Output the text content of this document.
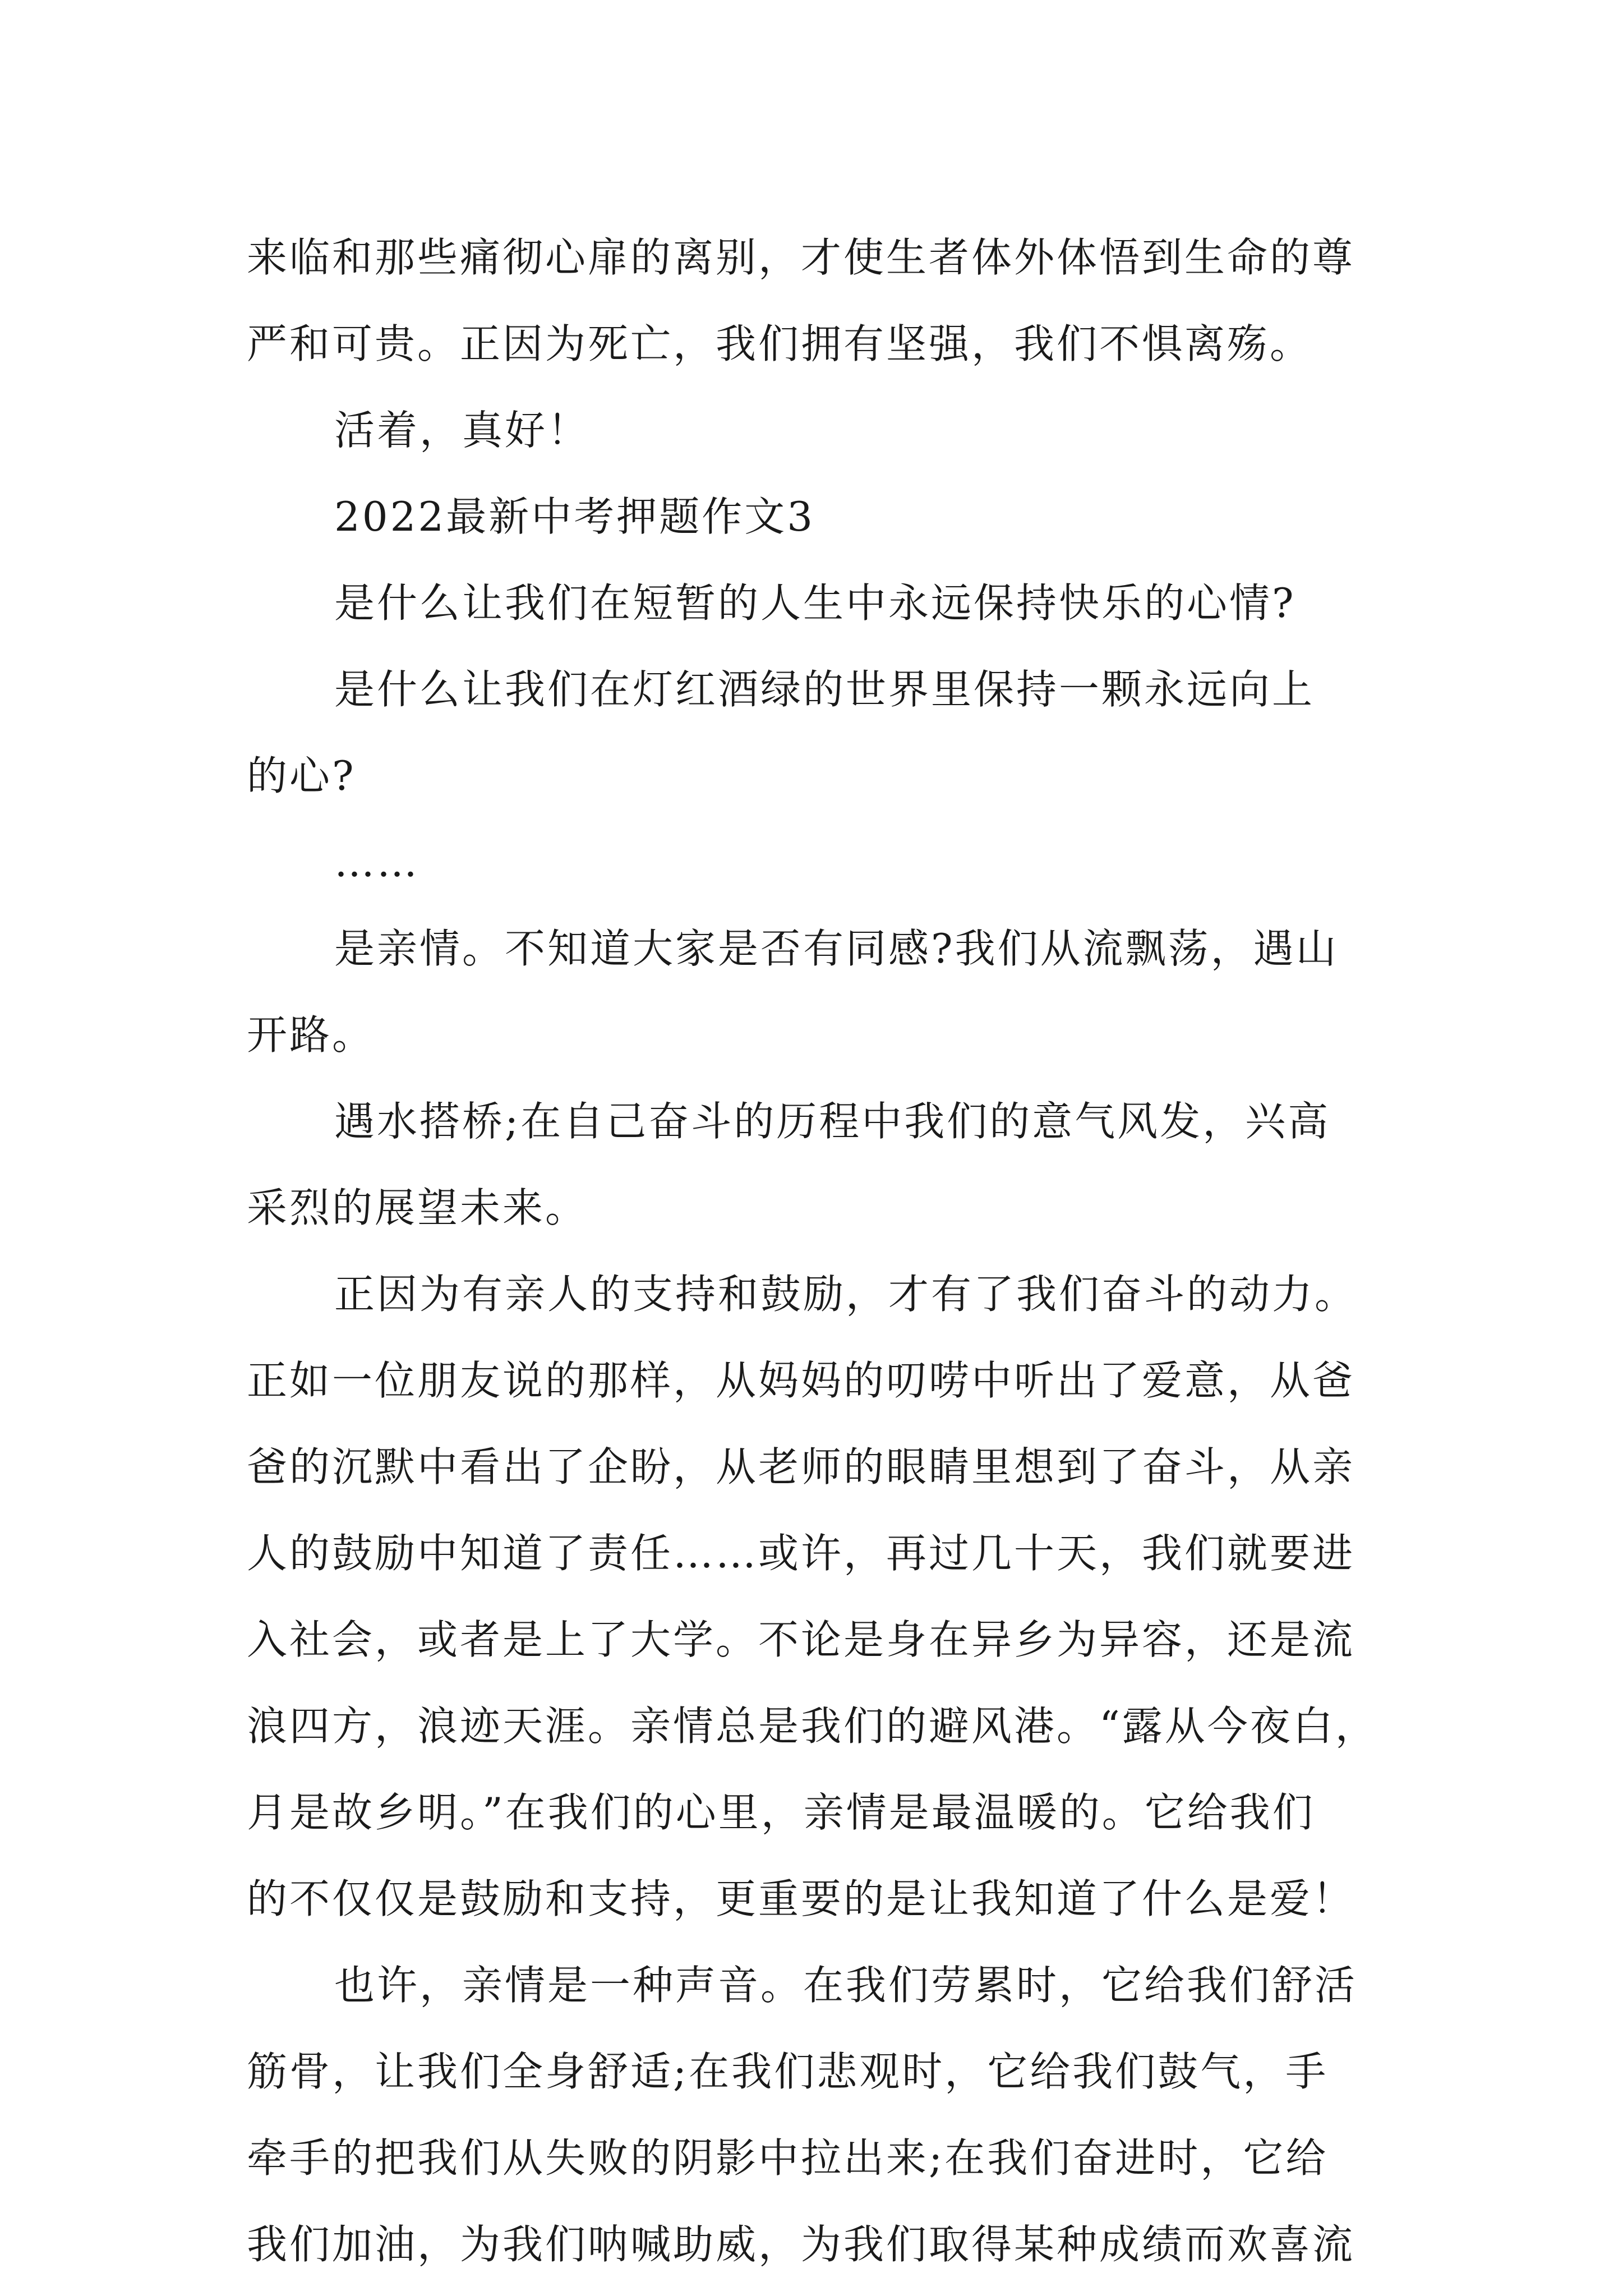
来临和那些痛彻心扉的离别，才使生者体外体悟到生命的尊
严和可贵。正因为死亡，我们拥有坚强，我们不惧离殇。
活着，真好！
2022最新中考押题作文3
是什么让我们在短暂的人生中永远保持快乐的心情?
是什么让我们在灯红酒绿的世界里保持一颗永远向上
的心?
……
是亲情。不知道大家是否有同感?我们从流飘荡，遇山
开路。
遇水搭桥;在自己奋斗的历程中我们的意气风发，兴高
采烈的展望未来。
正因为有亲人的支持和鼓励，才有了我们奋斗的动力。
正如一位朋友说的那样，从妈妈的叨唠中听出了爱意，从爸
爸的沉默中看出了企盼，从老师的眼睛里想到了奋斗，从亲
人的鼓励中知道了责任……或许，再过几十天，我们就要进
入社会，或者是上了大学。不论是身在异乡为异容，还是流
浪四方，浪迹天涯。亲情总是我们的避风港。“露从今夜白，
月是故乡明。”在我们的心里，亲情是最温暖的。它给我们
的不仅仅是鼓励和支持，更重要的是让我知道了什么是爱！
也许，亲情是一种声音。在我们劳累时，它给我们舒活
筋骨，让我们全身舒适;在我们悲观时，它给我们鼓气，手
牵手的把我们从失败的阴影中拉出来;在我们奋进时，它给
我们加油，为我们呐喊助威，为我们取得某种成绩而欢喜流
